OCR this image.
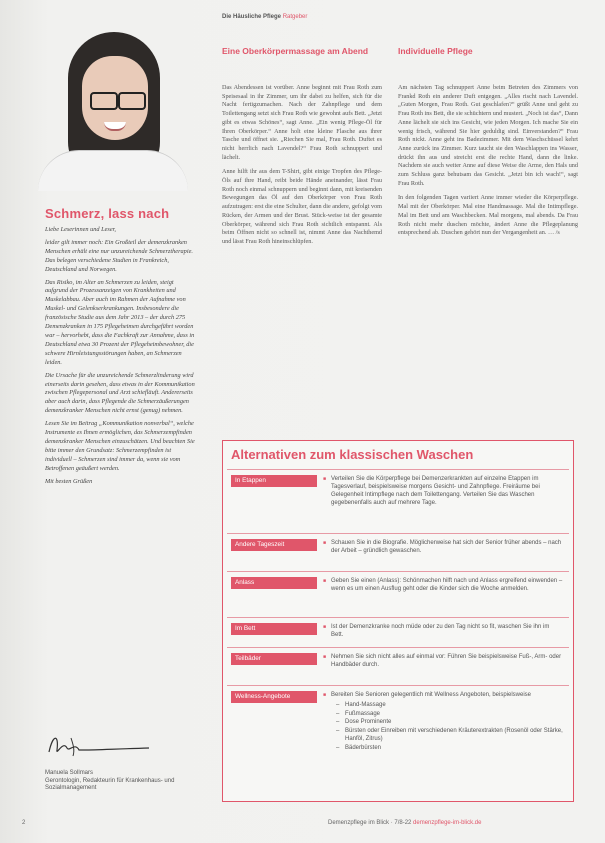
Schmerz, lass nach

Liebe Leserinnen und Leser,

leider gilt immer noch: Ein Großteil der demenzkranken Menschen erhält eine nur unzureichende Schmerztherapie. Das belegen verschiedene Studien in Frankreich, Deutschland und Norwegen.

Das Risiko, im Alter an Schmerzen zu leiden, steigt aufgrund der Prozessanzeigen von Krankheiten und Muskelabbau. Aber auch im Rahmen der Aufnahme von Muskel- und Gelenkserkrankungen. Insbesondere die französische Studie aus dem Jahr 2013 – der durch 275 Demenzkranken in 175 Pflegeheimen durchgeführt worden war – hervorhebt, dass die Fachkraft zur Annahme, dass in Deutschland etwa 30 Prozent der Pflegeheimbewohner, die schwere Hirnleistungsstörungen haben, an Schmerzen leiden.

Die Ursache für die unzureichende Schmerzlinderung wird einerseits darin gesehen, dass etwas in der Kommunikation zwischen Pflegepersonal und Arzt schiefläuft. Andererseits aber auch darin, dass Pflegende die Schmerzäußerungen demenzkranker Menschen nicht ernst (genug) nehmen.

Lesen Sie im Beitrag „Kommunikation nonverbal“, welche Instrumente es Ihnen ermöglichen, das Schmerzempfinden demenzkranker Menschen einzuschätzen. Und beachten Sie bitte immer den Grundsatz: Schmerzempfinden ist individuell – Schmerzen sind immer da, wenn sie vom Betroffenen geäußert werden.

Mit besten Grüßen

Manuela Sollmars
Gerontologin, Redakteurin für Krankenhaus- und Sozialmanagement

Die Häusliche Pflege Ratgeber

Eine Oberkörpermassage am Abend

Das Abendessen ist vorüber. Anne beginnt mit Frau Roth zum Speisesaal in ihr Zimmer, um ihr dabei zu helfen, sich für die Nacht fertigzumachen. Nach der Zahnpflege und dem Toilettengang setzt sich Frau Roth wie gewohnt aufs Bett. „Jetzt gibt es etwas Schönes“, sagt Anne. „Ein wenig Pflege-Öl für Ihren Oberkörper.“ Anne holt eine kleine Flasche aus ihrer Tasche und öffnet sie. „Riechen Sie mal, Frau Roth. Duftet es nicht herrlich nach Lavendel?“ Frau Roth schnuppert und lächelt.

Anne hilft ihr aus dem T-Shirt, gibt einige Tropfen des Pflege-Öls auf ihre Hand, reibt beide Hände aneinander, lässt Frau Roth noch einmal schnuppern und beginnt dann, mit kreisenden Bewegungen das Öl auf den Oberkörper von Frau Roth aufzutragen: erst die eine Schulter, dann die andere, gefolgt vom Rücken, der Armen und der Brust. Stück-weise ist der gesamte Oberkörper, während sich Frau Roth sichtlich entspannt. Als beim Öffnen nicht so schnell ist, nimmt Anne das Nachthemd und lässt Frau Roth hineinschlüpfen.

Individuelle Pflege

Am nächsten Tag schnuppert Anne beim Betreten des Zimmers von Frankd Roth ein anderer Duft entgegen. „Alles rischt nach Lavendel. „Guten Morgen, Frau Roth. Gut geschlafen?“ grüßt Anne und geht zu Frau Roth ins Bett, die sie schüchtern und mustert. „Noch ist das“, Dann Anne lächelt sie sich ins Gesicht, wie jeden Morgen. Ich mache Sie ein wenig frisch, während Sie hier geduldig sind. Einverstanden?“ Frau Roth nickt. Anne geht ins Badezimmer. Mit dem Waschschüssel kehrt Anne zurück ins Zimmer. Kurz taucht sie den Waschlappen ins Wasser, drückt ihn aus und streicht erst die rechte Hand, dann die linke. Nachdem sie auch weiter Anne auf diese Weise die Arme, den Hals und zum Schluss ganz behutsam das Gesicht. „Jetzt bin ich wach!“, sagt Frau Roth.

In den folgenden Tagen variiert Anne immer wieder die Körperpflege. Mal mit der Oberkörper. Mal eine Handmassage. Mal die Intimpflege. Mal im Bett und am Waschbecken. Mal morgens, mal abends. Da Frau Roth nicht mehr duschen möchte, ändert Anne die Pflegeplanung entsprechend ab. Duschen gehört nun der Vergangenheit an. … /s

Alternativen zum klassischen Waschen
In Etappen	■ Verteilen Sie die Körperpflege bei Demenzerkrankten auf einzelne Etappen im Tagesverlauf, beispielsweise morgens Gesicht- und Zahnpflege. Freiräume bei Gelegenheit Intimpflege nach dem Toilettengang. Verteilen Sie das Waschen gegebenenfalls auch auf mehrere Tage.
Andere Tageszeit	■ Schauen Sie in die Biografie. Möglicherweise hat sich der Senior früher abends – nach der Arbeit – gründlich gewaschen.
Anlass	■ Geben Sie einen (Anlass): Schönmachen hilft nach und Anlass ergreifend einwenden – wenn es um einen Ausflug geht oder die Kinder sich die Woche anmelden.
Im Bett	■ Ist der Demenzkranke noch müde oder zu den Tag nicht so fit, waschen Sie ihn im Bett.
Teilbäder	■ Nehmen Sie sich nicht alles auf einmal vor: Führen Sie beispielsweise Fuß-, Arm- oder Handbäder durch.
Wellness-Angebote	■ Bereiten Sie Senioren gelegentlich mit Wellness Angeboten, beispielsweise
– Hand-Massage
– Fußmassage
– Dose Prominente
– Bürsten oder Einreiben mit verschiedenen Kräuterextrakten (Rosenöl oder Stärke, Hanföl, Zitrus)
– Bäderbürsten

2	Demenzpflege im Blick · 7/8-22 demenzpflege-im-blick.de
